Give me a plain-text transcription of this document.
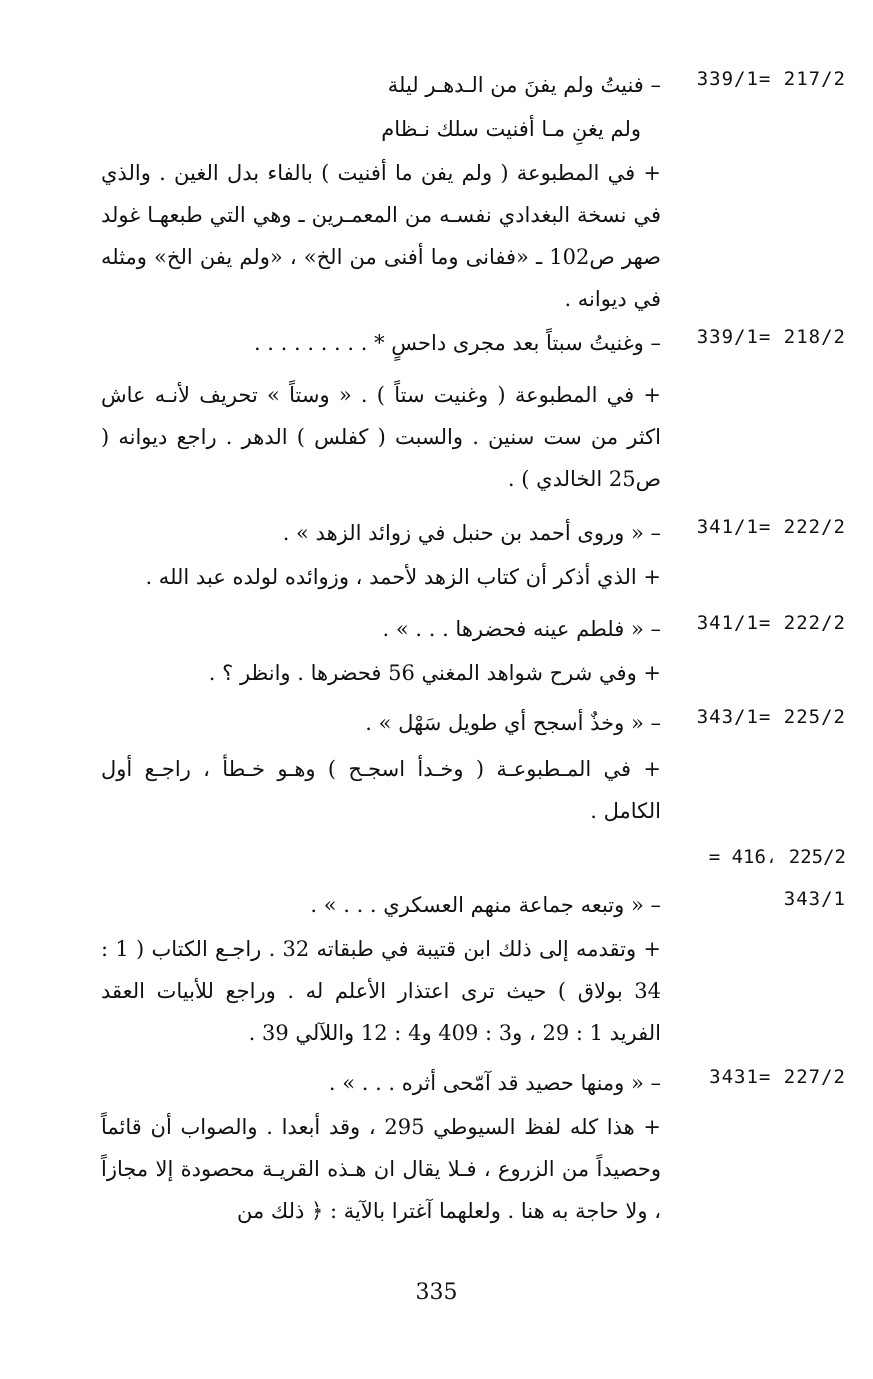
339/1= 217/2
– فنيتُ ولم يفنَ من الـدهـر ليلة
ولم يغنِ مـا أفنيت سلك نـظام
+ في المطبوعة ( ولم يفن ما أفنيت ) بالفاء بدل الغين . والذي في نسخة البغدادي نفسـه من المعمـرين ـ وهي التي طبعهـا غولد صهر ص102 ـ «ففانى وما أفنى من الخ» ، «ولم يفن الخ» ومثله في ديوانه .
339/1= 218/2
– وغنيتُ سبتاً بعد مجرى داحسٍ * . . . . . . . . .
+ في المطبوعة ( وغنيت ستاً ) . « وستاً » تحريف لأنـه عاش اكثر من ست سنين . والسبت ( كفلس ) الدهر . راجع ديوانه ( ص25 الخالدي ) .
341/1= 222/2
– « وروى أحمد بن حنبل في زوائد الزهد » .
+ الذي أذكر أن كتاب الزهد لأحمد ، وزوائده لولده عبد الله .
341/1= 222/2
– « فلطم عينه فحضرها . . . » .
+ وفي شرح شواهد المغني 56 فحضرها . وانظر ؟ .
343/1= 225/2
– « وخذٌ أسجح أي طويل سَهْل » .
+ في المـطبوعـة ( وخـدأ اسجـح ) وهـو خـطأ ، راجـع أول الكامل .
= 416، 225/2
343/1
– « وتبعه جماعة منهم العسكري . . . » .
+ وتقدمه إلى ذلك ابن قتيبة في طبقاته 32 . راجـع الكتاب ( 1 : 34 بولاق ) حيث ترى اعتذار الأعلم له . وراجع للأبيات العقد الفريد 1 : 29 ، و3 : 409 و4 : 12 واللآلي 39 .
3431= 227/2
– « ومنها حصيد قد آمّحى أثره . . . » .
+ هذا كله لفظ السيوطي 295 ، وقد أبعدا . والصواب أن قائماً وحصيداً من الزروع ، فـلا يقال ان هـذه القريـة محصودة إلا مجازاً ، ولا حاجة به هنا . ولعلهما آغترا بالآية : ﴿ ذلك من
335
